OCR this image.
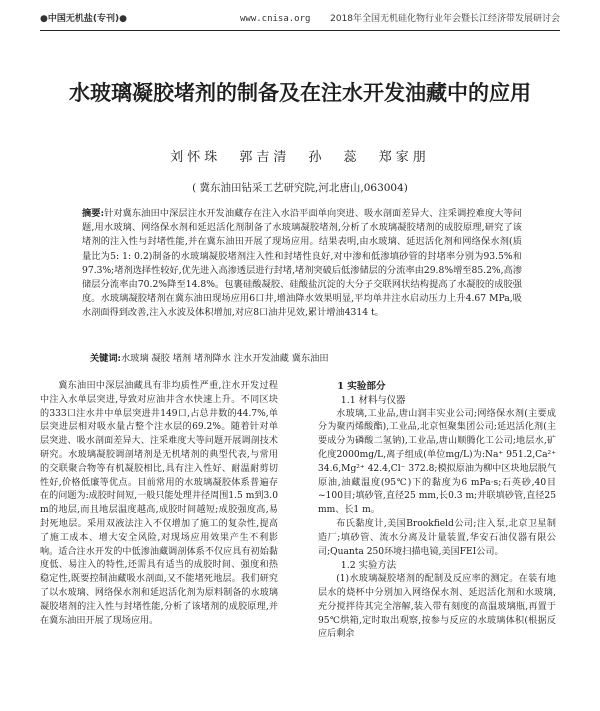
●中国无机盐(专刊)●	www.cnisa.org 2018年全国无机硅化物行业年会暨长江经济带发展研讨会
水玻璃凝胶堵剂的制备及在注水开发油藏中的应用
刘怀珠 郭吉清 孙 蕊 郑家朋
( 冀东油田钻采工艺研究院,河北唐山,063004)
摘要:针对冀东油田中深层注水开发油藏存在注入水沿平面单向突进、吸水剖面差异大、注采调控难度大等问题,用水玻璃、网络保水剂和延迟活化剂制备了水玻璃凝胶堵剂,分析了水玻璃凝胶堵剂的成胶原理,研究了该堵剂的注入性与封堵性能,并在冀东油田开展了现场应用。结果表明,由水玻璃、延迟活化剂和网络保水剂(质量比为5: 1: 0.2)制备的水玻璃凝胶堵剂注入性和封堵性良好,对中渗和低渗填砂管的封堵率分别为93.5%和97.3%;堵剂选择性较好,优先进入高渗透层进行封堵,堵剂突破后低渗储层的分流率由29.8%增至85.2%,高渗储层分流率由70.2%降至14.8%。包裹硅酸凝胶、硅酸盐沉淀的大分子交联网状结构提高了水凝胶的成胶强度。水玻璃凝胶堵剂在冀东油田现场应用6口井,增油降水效果明显,平均单井注水启动压力上升4.67 MPa,吸水剖面得到改善,注入水波及体积增加,对应8口油井见效,累计增油4314 t。
关键词:水玻璃 凝胶 堵剂 堵剂降水 注水开发油藏 冀东油田

冀东油田中深层油藏具有非均质性严重,注水开发过程中注入水单层突进,导致对应油井含水快速上升。不同区块的333口注水井中单层突进井149口,占总井数的44.7%,单层突进层相对吸水量占整个注水层的69.2%。随着针对单层突进、吸水剖面差异大、注采难度大等问题开展调剖技术研究。水玻璃凝胶调剖堵剂是无机堵剂的典型代表,与常用的交联聚合物等有机凝胶相比,具有注入性好、耐温耐剪切性好,价格低廉等优点。目前常用的水玻璃凝胶体系普遍存在的问题为:成胶时间短,一般只能处理井径周围1.5 m到3.0 m的地层,而且地层温度越高,成胶时间越短;成胶强度高,易封死地层。采用双液法注入不仅增加了施工的复杂性,提高了施工成本、增大安全风险,对现场应用效果产生不利影响。适合注水开发的中低渗油藏调剖体系不仅应具有初始黏度低、易注入的特性,还需具有适当的成胶时间、强度和热稳定性,既要控制油藏吸水剖面,又不能堵死地层。我们研究了以水玻璃、网络保水剂和延迟活化剂为原料制备的水玻璃凝胶堵剂的注入性与封堵性能,分析了该堵剂的成胶原理,并在冀东油田开展了现场应用。

1 实验部分

1.1 材料与仪器

水玻璃,工业品,唐山润丰实业公司;网络保水剂(主要成分为聚丙烯酸酯),工业品,北京恒聚集团公司;延迟活化剂(主要成分为磷酸二氢钠),工业品,唐山顺腾化工公司;地层水,矿化度2000mg/L,离子组成(单位mg/L)为:Na⁺ 951.2,Ca²⁺ 34.6,Mg²⁺ 42.4,Cl⁻ 372.8;模拟原油为柳中区块地层脱气原油,油藏温度(95℃)下的黏度为6 mPa·s;石英砂,40目~100目;填砂管,直径25 mm,长0.3 m;并联填砂管,直径25 mm、长1 m。

布氏黏度计,美国Brookfield公司;注入泵,北京卫星制造厂;填砂管、流水分离及计量装置,华安石油仪器有限公司;Quanta 250环境扫描电镜,美国FEI公司。

1.2 实验方法

(1)水玻璃凝胶堵剂的配制及反应率的测定。在装有地层水的烧杯中分别加入网络保水剂、延迟活化剂和水玻璃,充分搅拌待其完全溶解,装入带有刻度的高温玻璃瓶,再置于95℃烘箱,定时取出观察,按参与反应的水玻璃体积(根据反应后剩余
